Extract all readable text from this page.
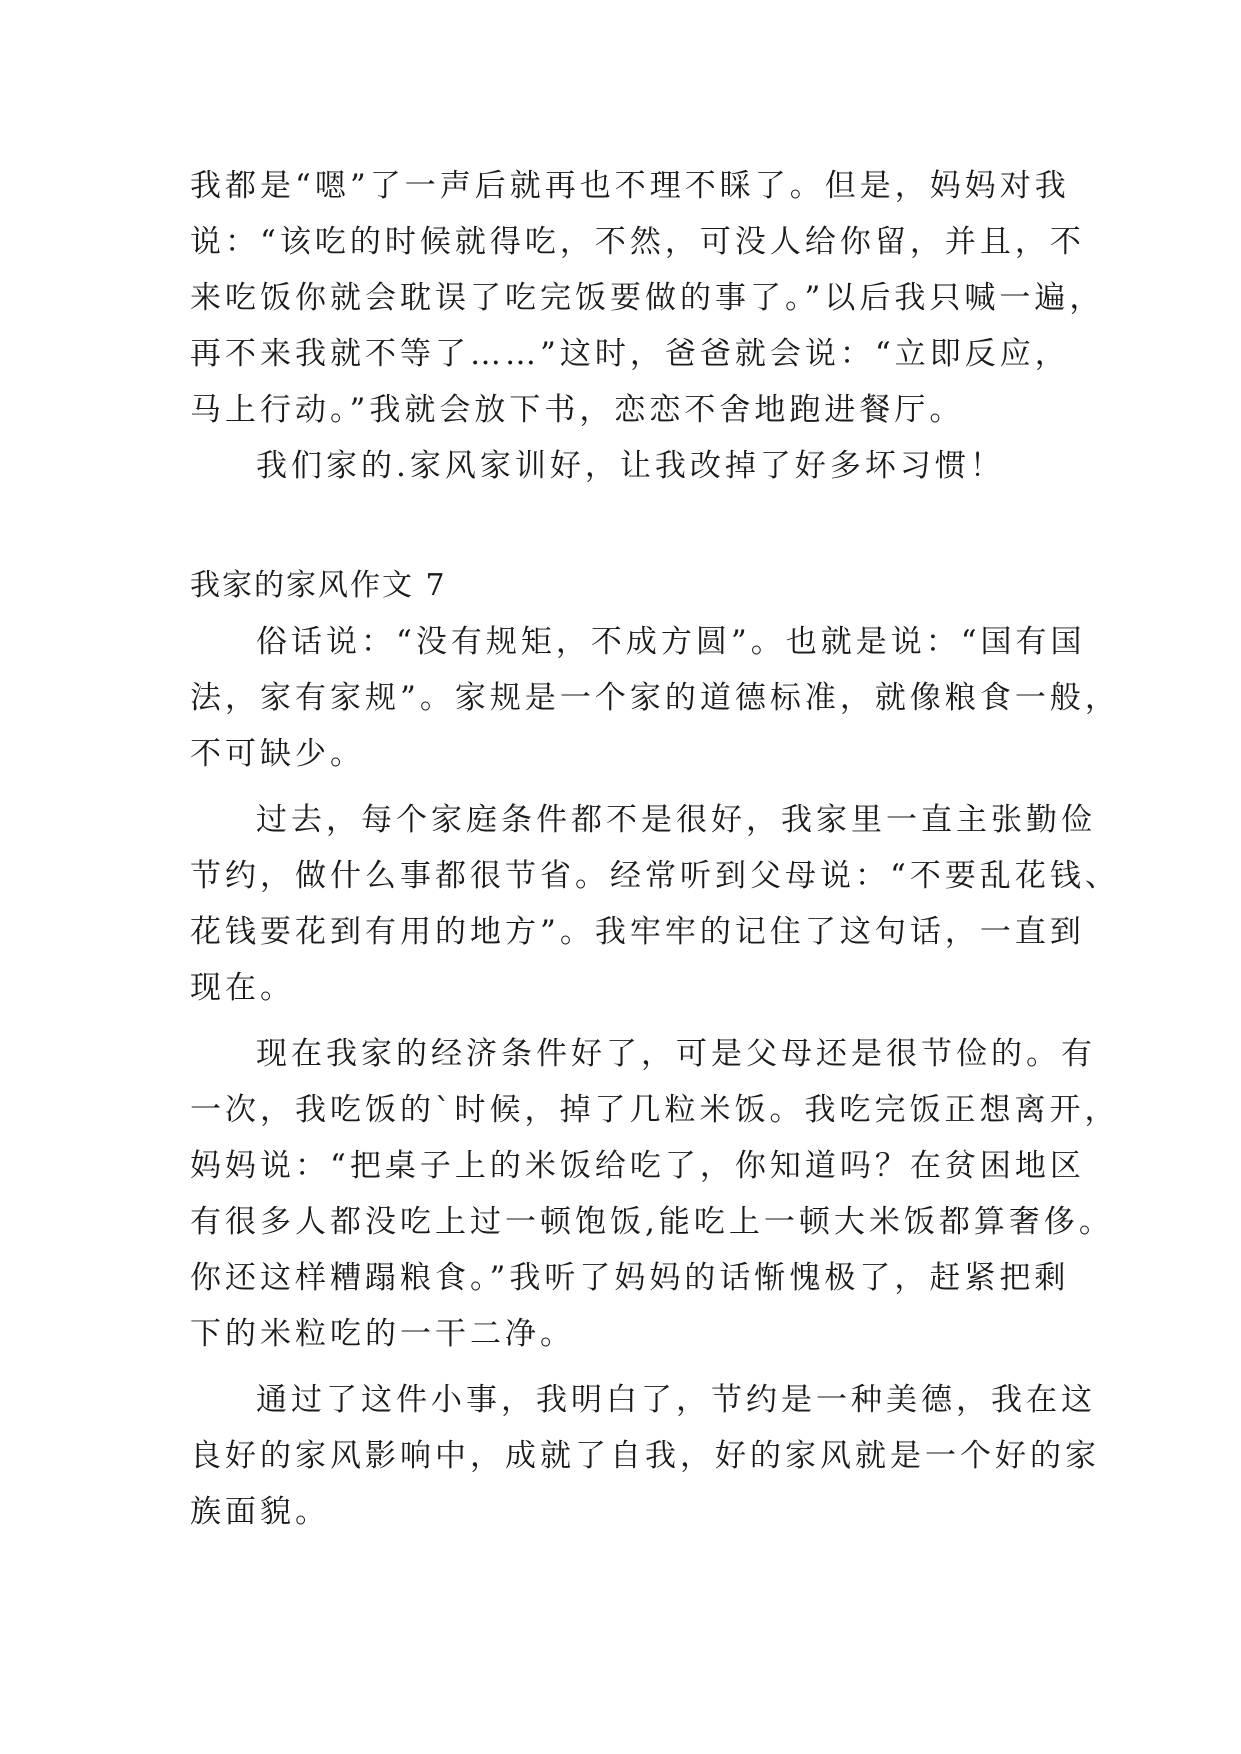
我都是“嗯”了一声后就再也不理不睬了。但是，妈妈对我
说：“该吃的时候就得吃，不然，可没人给你留，并且，不
来吃饭你就会耽误了吃完饭要做的事了。”以后我只喊一遍，
再不来我就不等了……”这时，爸爸就会说：“立即反应，
马上行动。”我就会放下书，恋恋不舍地跑进餐厅。
我们家的.家风家训好，让我改掉了好多坏习惯！
我家的家风作文 7
俗话说：“没有规矩，不成方圆”。也就是说：“国有国
法，家有家规”。家规是一个家的道德标准，就像粮食一般，
不可缺少。
过去，每个家庭条件都不是很好，我家里一直主张勤俭
节约，做什么事都很节省。经常听到父母说：“不要乱花钱、
花钱要花到有用的地方”。我牢牢的记住了这句话，一直到
现在。
现在我家的经济条件好了，可是父母还是很节俭的。有
一次，我吃饭的`时候，掉了几粒米饭。我吃完饭正想离开，
妈妈说：“把桌子上的米饭给吃了，你知道吗？在贫困地区
有很多人都没吃上过一顿饱饭,能吃上一顿大米饭都算奢侈。
你还这样糟蹋粮食。”我听了妈妈的话惭愧极了，赶紧把剩
下的米粒吃的一干二净。
通过了这件小事，我明白了，节约是一种美德，我在这
良好的家风影响中，成就了自我，好的家风就是一个好的家
族面貌。
